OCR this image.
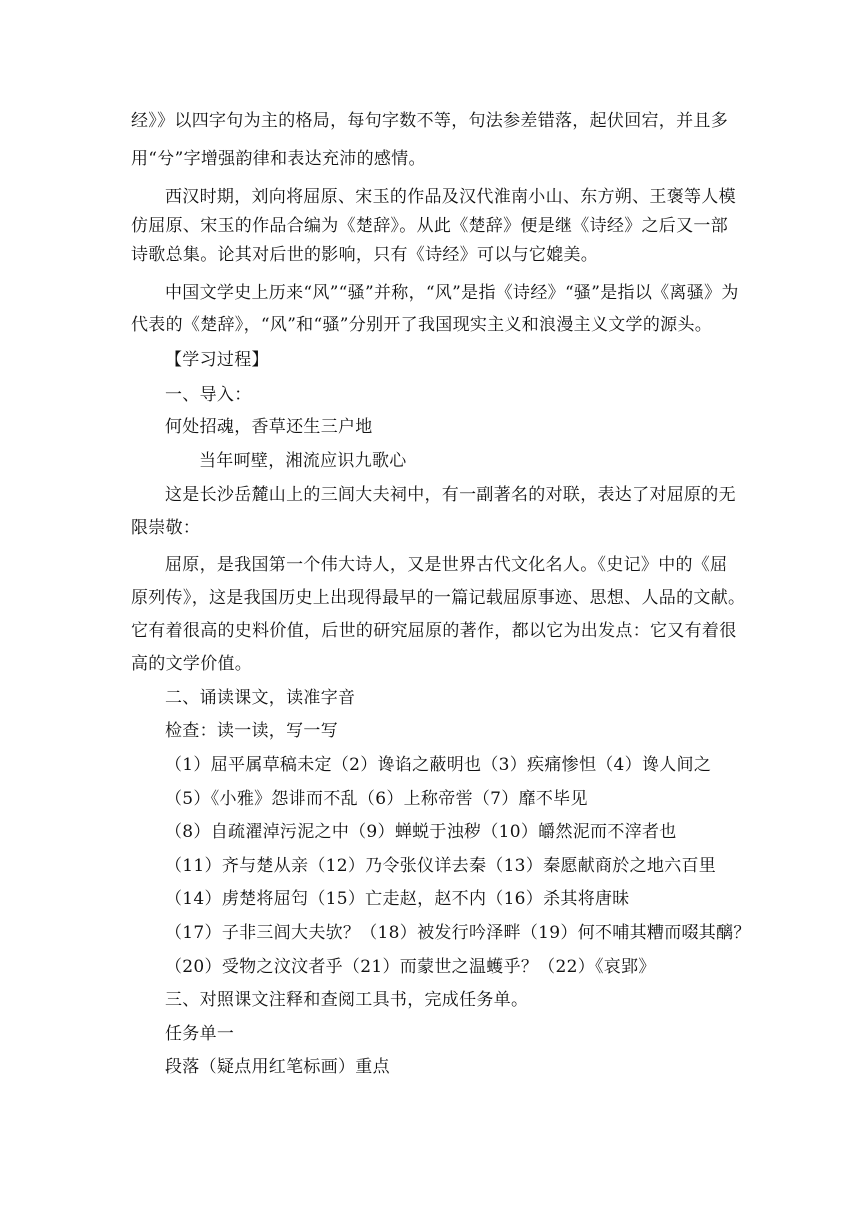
经》》以四字句为主的格局，每句字数不等，句法参差错落，起伏回宕，并且多
用“兮”字增强韵律和表达充沛的感情。
西汉时期，刘向将屈原、宋玉的作品及汉代淮南小山、东方朔、王褒等人模
仿屈原、宋玉的作品合编为《楚辞》。从此《楚辞》便是继《诗经》之后又一部
诗歌总集。论其对后世的影响，只有《诗经》可以与它媲美。
中国文学史上历来“风”“骚”并称，“风”是指《诗经》“骚”是指以《离骚》为
代表的《楚辞》，“风”和“骚”分别开了我国现实主义和浪漫主义文学的源头。
【学习过程】
一、导入：
何处招魂，香草还生三户地
当年呵壁，湘流应识九歌心
这是长沙岳麓山上的三闾大夫祠中，有一副著名的对联，表达了对屈原的无
限崇敬：
屈原，是我国第一个伟大诗人，又是世界古代文化名人。《史记》中的《屈
原列传》，这是我国历史上出现得最早的一篇记载屈原事迹、思想、人品的文献。
它有着很高的史料价值，后世的研究屈原的著作，都以它为出发点：它又有着很
高的文学价值。
二、诵读课文，读准字音
检查：读一读，写一写
（1）屈平属草稿未定（2）谗谄之蔽明也（3）疾痛惨怛（4）谗人间之
（5）《小雅》怨诽而不乱（6）上称帝喾（7）靡不毕见
（8）自疏濯淖污泥之中（9）蝉蜕于浊秽（10）皭然泥而不滓者也
（11）齐与楚从亲（12）乃令张仪详去秦（13）秦愿献商於之地六百里
（14）虏楚将屈匄（15）亡走赵，赵不内（16）杀其将唐昧
（17）子非三闾大夫欤？（18）被发行吟泽畔（19）何不哺其糟而啜其醨？
（20）受物之汶汶者乎（21）而蒙世之温蠖乎？（22）《哀郢》
三、对照课文注释和查阅工具书，完成任务单。
任务单一
段落（疑点用红笔标画）重点
